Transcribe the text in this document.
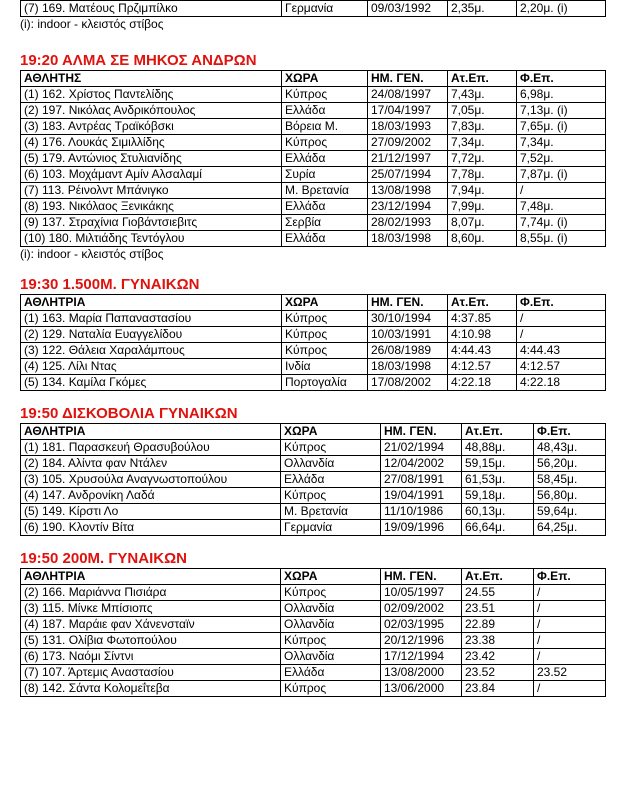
(7) 169. Ματέους Πρζιμπίλκο	Γερμανία	09/03/1992	2,35μ.	2,20μ. (i)
(i): indoor - κλειστός στίβος
19:20 ΑΛΜΑ ΣΕ ΜΗΚΟΣ ΑΝΔΡΩΝ
ΑΘΛΗΤΗΣ	ΧΩΡΑ	ΗΜ. ΓΕΝ.	Ατ.Επ.	Φ.Επ.
(1) 162. Χρίστος Παντελίδης	Κύπρος	24/08/1997	7,43μ.	6,98μ.
(2) 197. Νικόλας Ανδρικόπουλος	Ελλάδα	17/04/1997	7,05μ.	7,13μ. (i)
(3) 183. Αντρέας Τραϊκόβσκι	Βόρεια Μ.	18/03/1993	7,83μ.	7,65μ. (i)
(4) 176. Λουκάς Σιμιλλίδης	Κύπρος	27/09/2002	7,34μ.	7,34μ.
(5) 179. Αντώνιος Στυλιανίδης	Ελλάδα	21/12/1997	7,72μ.	7,52μ.
(6) 103. Μοχάμαντ Αμίν Αλσαλαμί	Συρία	25/07/1994	7,78μ.	7,87μ. (i)
(7) 113. Ρέινολντ Μπάνιγκο	Μ. Βρετανία	13/08/1998	7,94μ.	/
(8) 193. Νικόλαος Ξενικάκης	Ελλάδα	23/12/1994	7,99μ.	7,48μ.
(9) 137. Στραχίνια Γιοβάντσιεβιτς	Σερβία	28/02/1993	8,07μ.	7,74μ. (i)
(10) 180. Μιλτιάδης Τεντόγλου	Ελλάδα	18/03/1998	8,60μ.	8,55μ. (i)
(i): indoor - κλειστός στίβος
19:30 1.500Μ. ΓΥΝΑΙΚΩΝ
ΑΘΛΗΤΡΙΑ	ΧΩΡΑ	ΗΜ. ΓΕΝ.	Ατ.Επ.	Φ.Επ.
(1) 163. Μαρία Παπαναστασίου	Κύπρος	30/10/1994	4:37.85	/
(2) 129. Ναταλία Ευαγγελίδου	Κύπρος	10/03/1991	4:10.98	/
(3) 122. Θάλεια Χαραλάμπους	Κύπρος	26/08/1989	4:44.43	4:44.43
(4) 125. Λίλι Ντας	Ινδία	18/03/1998	4:12.57	4:12.57
(5) 134. Καμίλα Γκόμες	Πορτογαλία	17/08/2002	4:22.18	4:22.18
19:50 ΔΙΣΚΟΒΟΛΙΑ ΓΥΝΑΙΚΩΝ
ΑΘΛΗΤΡΙΑ	ΧΩΡΑ	ΗΜ. ΓΕΝ.	Ατ.Επ.	Φ.Επ.
(1) 181. Παρασκευή Θρασυβούλου	Κύπρος	21/02/1994	48,88μ.	48,43μ.
(2) 184. Αλίντα φαν Ντάλεν	Ολλανδία	12/04/2002	59,15μ.	56,20μ.
(3) 105. Χρυσούλα Αναγνωστοπούλου	Ελλάδα	27/08/1991	61,53μ.	58,45μ.
(4) 147. Ανδρονίκη Λαδά	Κύπρος	19/04/1991	59,18μ.	56,80μ.
(5) 149. Κίρστι Λο	Μ. Βρετανία	11/10/1986	60,13μ.	59,64μ.
(6) 190. Κλοντίν Βίτα	Γερμανία	19/09/1996	66,64μ.	64,25μ.
19:50 200Μ. ΓΥΝΑΙΚΩΝ
ΑΘΛΗΤΡΙΑ	ΧΩΡΑ	ΗΜ. ΓΕΝ.	Ατ.Επ.	Φ.Επ.
(2) 166. Μαριάννα Πισιάρα	Κύπρος	10/05/1997	24.55	/
(3) 115. Μίνκε Μπίσιοπς	Ολλανδία	02/09/2002	23.51	/
(4) 187. Μαράιε φαν Χάνενσταϊν	Ολλανδία	02/03/1995	22.89	/
(5) 131. Ολίβια Φωτοπούλου	Κύπρος	20/12/1996	23.38	/
(6) 173. Ναόμι Σίντνι	Ολλανδία	17/12/1994	23.42	/
(7) 107. Άρτεμις Αναστασίου	Ελλάδα	13/08/2000	23.52	23.52
(8) 142. Σάντα Κολομεΐτεβα	Κύπρος	13/06/2000	23.84	/
